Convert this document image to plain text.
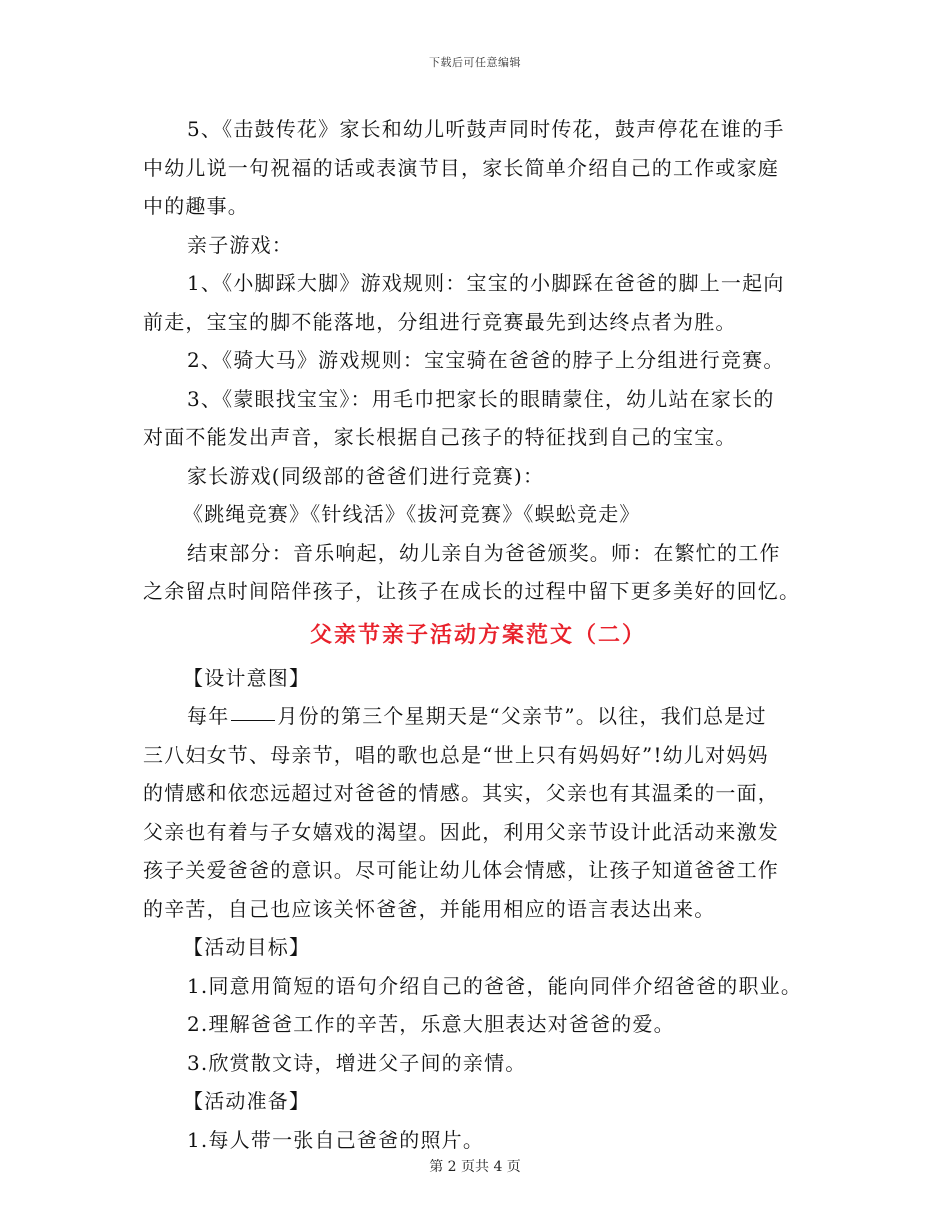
下载后可任意编辑

5、《击鼓传花》家长和幼儿听鼓声同时传花，鼓声停花在谁的手

中幼儿说一句祝福的话或表演节目，家长简单介绍自己的工作或家庭

中的趣事。

亲子游戏：

1、《小脚踩大脚》游戏规则：宝宝的小脚踩在爸爸的脚上一起向

前走，宝宝的脚不能落地，分组进行竞赛最先到达终点者为胜。

2、《骑大马》游戏规则：宝宝骑在爸爸的脖子上分组进行竞赛。

3、《蒙眼找宝宝》：用毛巾把家长的眼睛蒙住，幼儿站在家长的

对面不能发出声音，家长根据自己孩子的特征找到自己的宝宝。

家长游戏(同级部的爸爸们进行竞赛)：

《跳绳竞赛》《针线活》《拔河竞赛》《蜈蚣竞走》

结束部分：音乐响起，幼儿亲自为爸爸颁奖。师：在繁忙的工作

之余留点时间陪伴孩子，让孩子在成长的过程中留下更多美好的回忆。

父亲节亲子活动方案范文（二）

【设计意图】

每年 月份的第三个星期天是“父亲节”。以往，我们总是过

三八妇女节、母亲节，唱的歌也总是“世上只有妈妈好”!幼儿对妈妈

的情感和依恋远超过对爸爸的情感。其实，父亲也有其温柔的一面，

父亲也有着与子女嬉戏的渴望。因此，利用父亲节设计此活动来激发

孩子关爱爸爸的意识。尽可能让幼儿体会情感，让孩子知道爸爸工作

的辛苦，自己也应该关怀爸爸，并能用相应的语言表达出来。

【活动目标】

1.同意用简短的语句介绍自己的爸爸，能向同伴介绍爸爸的职业。

2.理解爸爸工作的辛苦，乐意大胆表达对爸爸的爱。

3.欣赏散文诗，增进父子间的亲情。

【活动准备】

1.每人带一张自己爸爸的照片。

第 2 页共 4 页
